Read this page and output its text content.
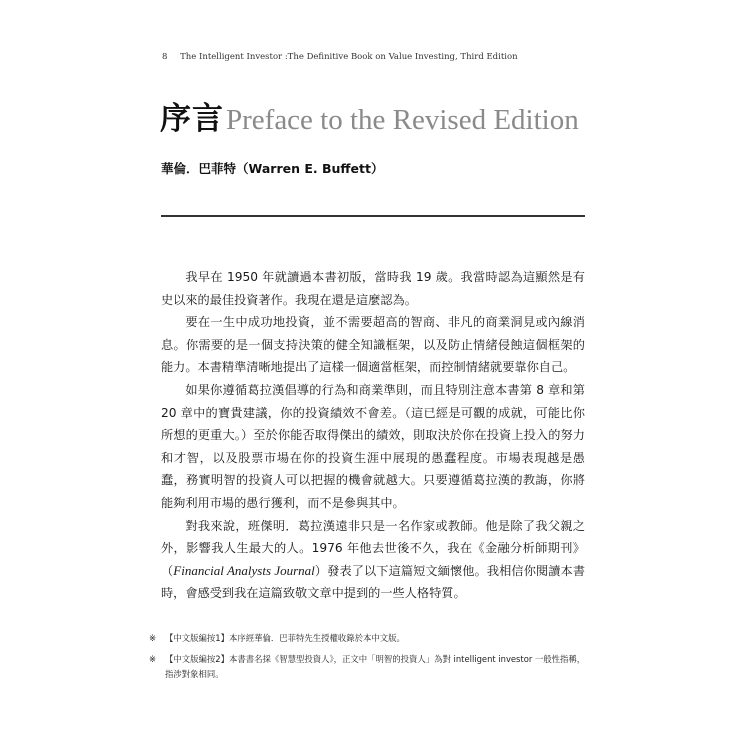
8 The Intelligent Investor :The Definitive Book on Value Investing, Third Edition
序言Preface to the Revised Edition
華倫．巴菲特（Warren E. Buffett）

我早在 1950 年就讀過本書初版，當時我 19 歲。我當時認為這顯然是有史以來的最佳投資著作。我現在還是這麼認為。

要在一生中成功地投資，並不需要超高的智商、非凡的商業洞見或內線消息。你需要的是一個支持決策的健全知識框架，以及防止情緒侵蝕這個框架的能力。本書精準清晰地提出了這樣一個適當框架，而控制情緒就要靠你自己。

如果你遵循葛拉漢倡導的行為和商業準則，而且特別注意本書第 8 章和第 20 章中的寶貴建議，你的投資績效不會差。（這已經是可觀的成就，可能比你所想的更重大。）至於你能否取得傑出的績效，則取決於你在投資上投入的努力和才智，以及股票市場在你的投資生涯中展現的愚蠢程度。市場表現越是愚蠢，務實明智的投資人可以把握的機會就越大。只要遵循葛拉漢的教誨，你將能夠利用市場的愚行獲利，而不是參與其中。

對我來說，班傑明．葛拉漢遠非只是一名作家或教師。他是除了我父親之外，影響我人生最大的人。1976 年他去世後不久，我在《金融分析師期刊》（Financial Analysts Journal）發表了以下這篇短文緬懷他。我相信你閱讀本書時，會感受到我在這篇致敬文章中提到的一些人格特質。

※	【中文版編按1】本序經華倫．巴菲特先生授權收錄於本中文版。
※	【中文版編按2】本書書名採《智慧型投資人》，正文中「明智的投資人」為對 intelligent investor 一般性指稱，指涉對象相同。
